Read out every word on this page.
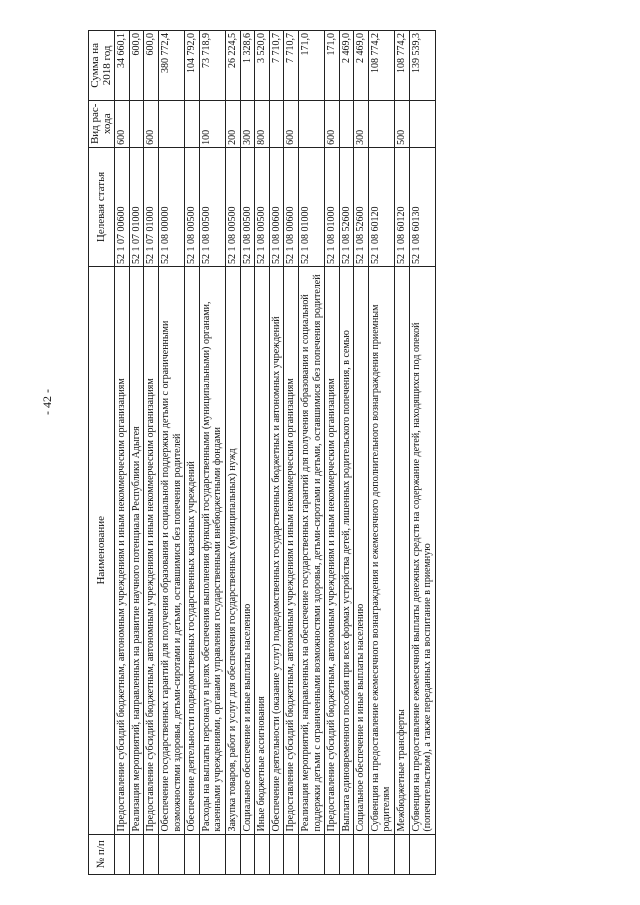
- 42 -
№ п/п	Наименование	Целевая статья	Вид рас-хода	Сумма на 2018 год
	Предоставление субсидий бюджетным, автономным учреждениям и иным некоммерческим организациям	52 1 07 00600	600	34 660,1
	Реализация мероприятий, направленных на развитие научного потенциала Республики Адыгея	52 1 07 01000		600,0
	Предоставление субсидий бюджетным, автономным учреждениям и иным некоммерческим организациям	52 1 07 01000	600	600,0
	Обеспечение государственных гарантий для получения образования и социальной поддержки детьми с ограниченными возможностями здоровья, детьми-сиротами и детьми, оставшимися без попечения родителей	52 1 08 00000		380 772,4
	Обеспечение деятельности подведомственных государственных казенных учреждений	52 1 08 00500		104 792,0
	Расходы на выплаты персоналу в целях обеспечения выполнения функций государственными (муниципальными) органами, казенными учреждениями, органами управления государственными внебюджетными фондами	52 1 08 00500	100	73 718,9
	Закупка товаров, работ и услуг для обеспечения государственных (муниципальных) нужд	52 1 08 00500	200	26 224,5
	Социальное обеспечение и иные выплаты населению	52 1 08 00500	300	1 328,6
	Иные бюджетные ассигнования	52 1 08 00500	800	3 520,0
	Обеспечение деятельности (оказание услуг) подведомственных государственных бюджетных и автономных учреждений	52 1 08 00600		7 710,7
	Предоставление субсидий бюджетным, автономным учреждениям и иным некоммерческим организациям	52 1 08 00600	600	7 710,7
	Реализация мероприятий, направленных на обеспечение государственных гарантий для получения образования и социальной поддержки детьми с ограниченными возможностями здоровья, детьми-сиротами и детьми, оставшимися без попечения родителей	52 1 08 01000		171,0
	Предоставление субсидий бюджетным, автономным учреждениям и иным некоммерческим организациям	52 1 08 01000	600	171,0
	Выплата единовременного пособия при всех формах устройства детей, лишенных родительского попечения, в семью	52 1 08 52600		2 469,0
	Социальное обеспечение и иные выплаты населению	52 1 08 52600	300	2 469,0
	Субвенция на предоставление ежемесячного вознаграждения и ежемесячного дополнительного вознаграждения приемным родителям	52 1 08 60120		108 774,2
	Межбюджетные трансферты	52 1 08 60120	500	108 774,2
	Субвенция на предоставление ежемесячной выплаты денежных средств на содержание детей, находящихся под опекой (попечительством), а также переданных на воспитание в приемную	52 1 08 60130		139 539,3
